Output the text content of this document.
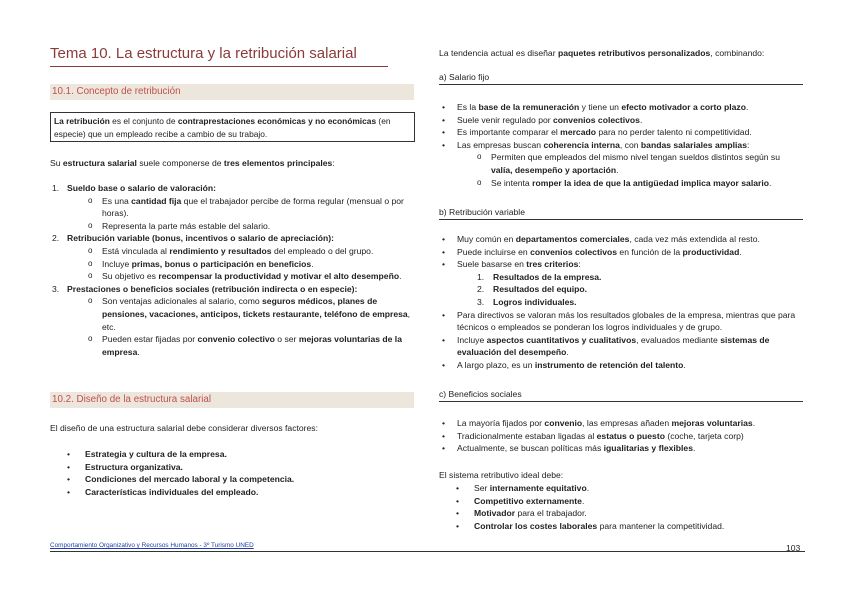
Tema 10. La estructura y la retribución salarial
10.1. Concepto de retribución
La retribución es el conjunto de contraprestaciones económicas y no económicas (en especie) que un empleado recibe a cambio de su trabajo.
Su estructura salarial suele componerse de tres elementos principales:
1. Sueldo base o salario de valoración:
o Es una cantidad fija que el trabajador percibe de forma regular (mensual o por horas).
o Representa la parte más estable del salario.
2. Retribución variable (bonus, incentivos o salario de apreciación):
o Está vinculada al rendimiento y resultados del empleado o del grupo.
o Incluye primas, bonus o participación en beneficios.
o Su objetivo es recompensar la productividad y motivar el alto desempeño.
3. Prestaciones o beneficios sociales (retribución indirecta o en especie):
o Son ventajas adicionales al salario, como seguros médicos, planes de pensiones, vacaciones, anticipos, tickets restaurante, teléfono de empresa, etc.
o Pueden estar fijadas por convenio colectivo o ser mejoras voluntarias de la empresa.
10.2. Diseño de la estructura salarial
El diseño de una estructura salarial debe considerar diversos factores:
• Estrategia y cultura de la empresa.
• Estructura organizativa.
• Condiciones del mercado laboral y la competencia.
• Características individuales del empleado.
La tendencia actual es diseñar paquetes retributivos personalizados, combinando:
a) Salario fijo
• Es la base de la remuneración y tiene un efecto motivador a corto plazo.
• Suele venir regulado por convenios colectivos.
• Es importante comparar el mercado para no perder talento ni competitividad.
• Las empresas buscan coherencia interna, con bandas salariales amplias:
o Permiten que empleados del mismo nivel tengan sueldos distintos según su valía, desempeño y aportación.
o Se intenta romper la idea de que la antigüedad implica mayor salario.
b) Retribución variable
• Muy común en departamentos comerciales, cada vez más extendida al resto.
• Puede incluirse en convenios colectivos en función de la productividad.
• Suele basarse en tres criterios:
1. Resultados de la empresa.
2. Resultados del equipo.
3. Logros individuales.
• Para directivos se valoran más los resultados globales de la empresa, mientras que para técnicos o empleados se ponderan los logros individuales y de grupo.
• Incluye aspectos cuantitativos y cualitativos, evaluados mediante sistemas de evaluación del desempeño.
• A largo plazo, es un instrumento de retención del talento.
c) Beneficios sociales
• La mayoría fijados por convenio, las empresas añaden mejoras voluntarias.
• Tradicionalmente estaban ligadas al estatus o puesto (coche, tarjeta corp)
• Actualmente, se buscan políticas más igualitarias y flexibles.
El sistema retributivo ideal debe:
• Ser internamente equitativo.
• Competitivo externamente.
• Motivador para el trabajador.
• Controlar los costes laborales para mantener la competitividad.
Comportamiento Organizativo y Recursos Humanos - 3º Turismo UNED	103
